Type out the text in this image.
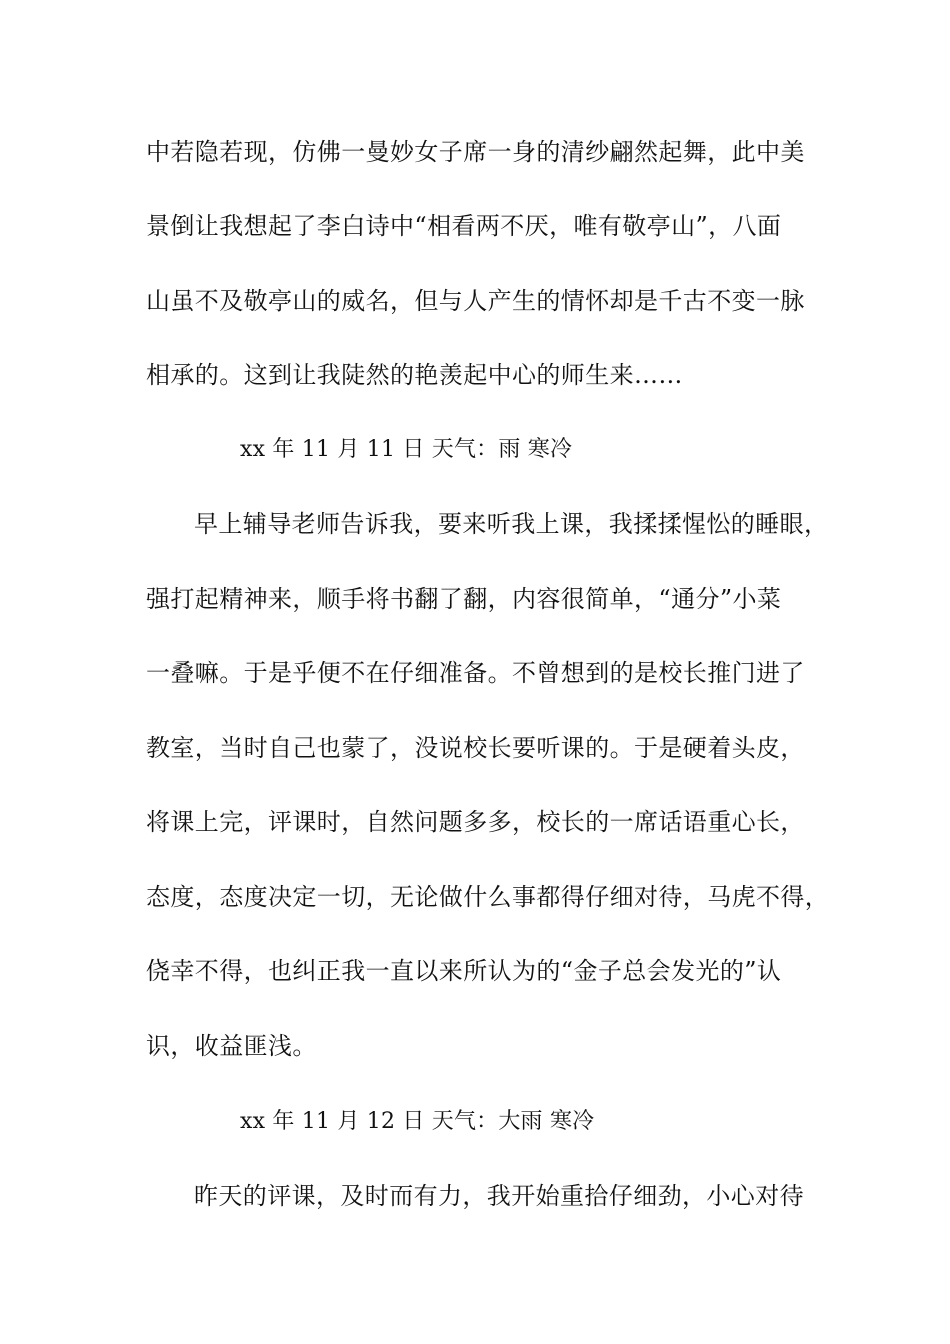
中若隐若现，仿佛一曼妙女子席一身的清纱翩然起舞，此中美
景倒让我想起了李白诗中“相看两不厌，唯有敬亭山”，八面
山虽不及敬亭山的威名，但与人产生的情怀却是千古不变一脉
相承的。这到让我陡然的艳羡起中心的师生来……
xx 年 11 月 11 日 天气：雨 寒冷
早上辅导老师告诉我，要来听我上课，我揉揉惺忪的睡眼，
强打起精神来，顺手将书翻了翻，内容很简单，“通分”小菜
一叠嘛。于是乎便不在仔细准备。不曾想到的是校长推门进了
教室，当时自己也蒙了，没说校长要听课的。于是硬着头皮，
将课上完，评课时，自然问题多多，校长的一席话语重心长，
态度，态度决定一切，无论做什么事都得仔细对待，马虎不得，
侥幸不得，也纠正我一直以来所认为的“金子总会发光的”认
识，收益匪浅。
xx 年 11 月 12 日 天气：大雨 寒冷
昨天的评课，及时而有力，我开始重拾仔细劲，小心对待
